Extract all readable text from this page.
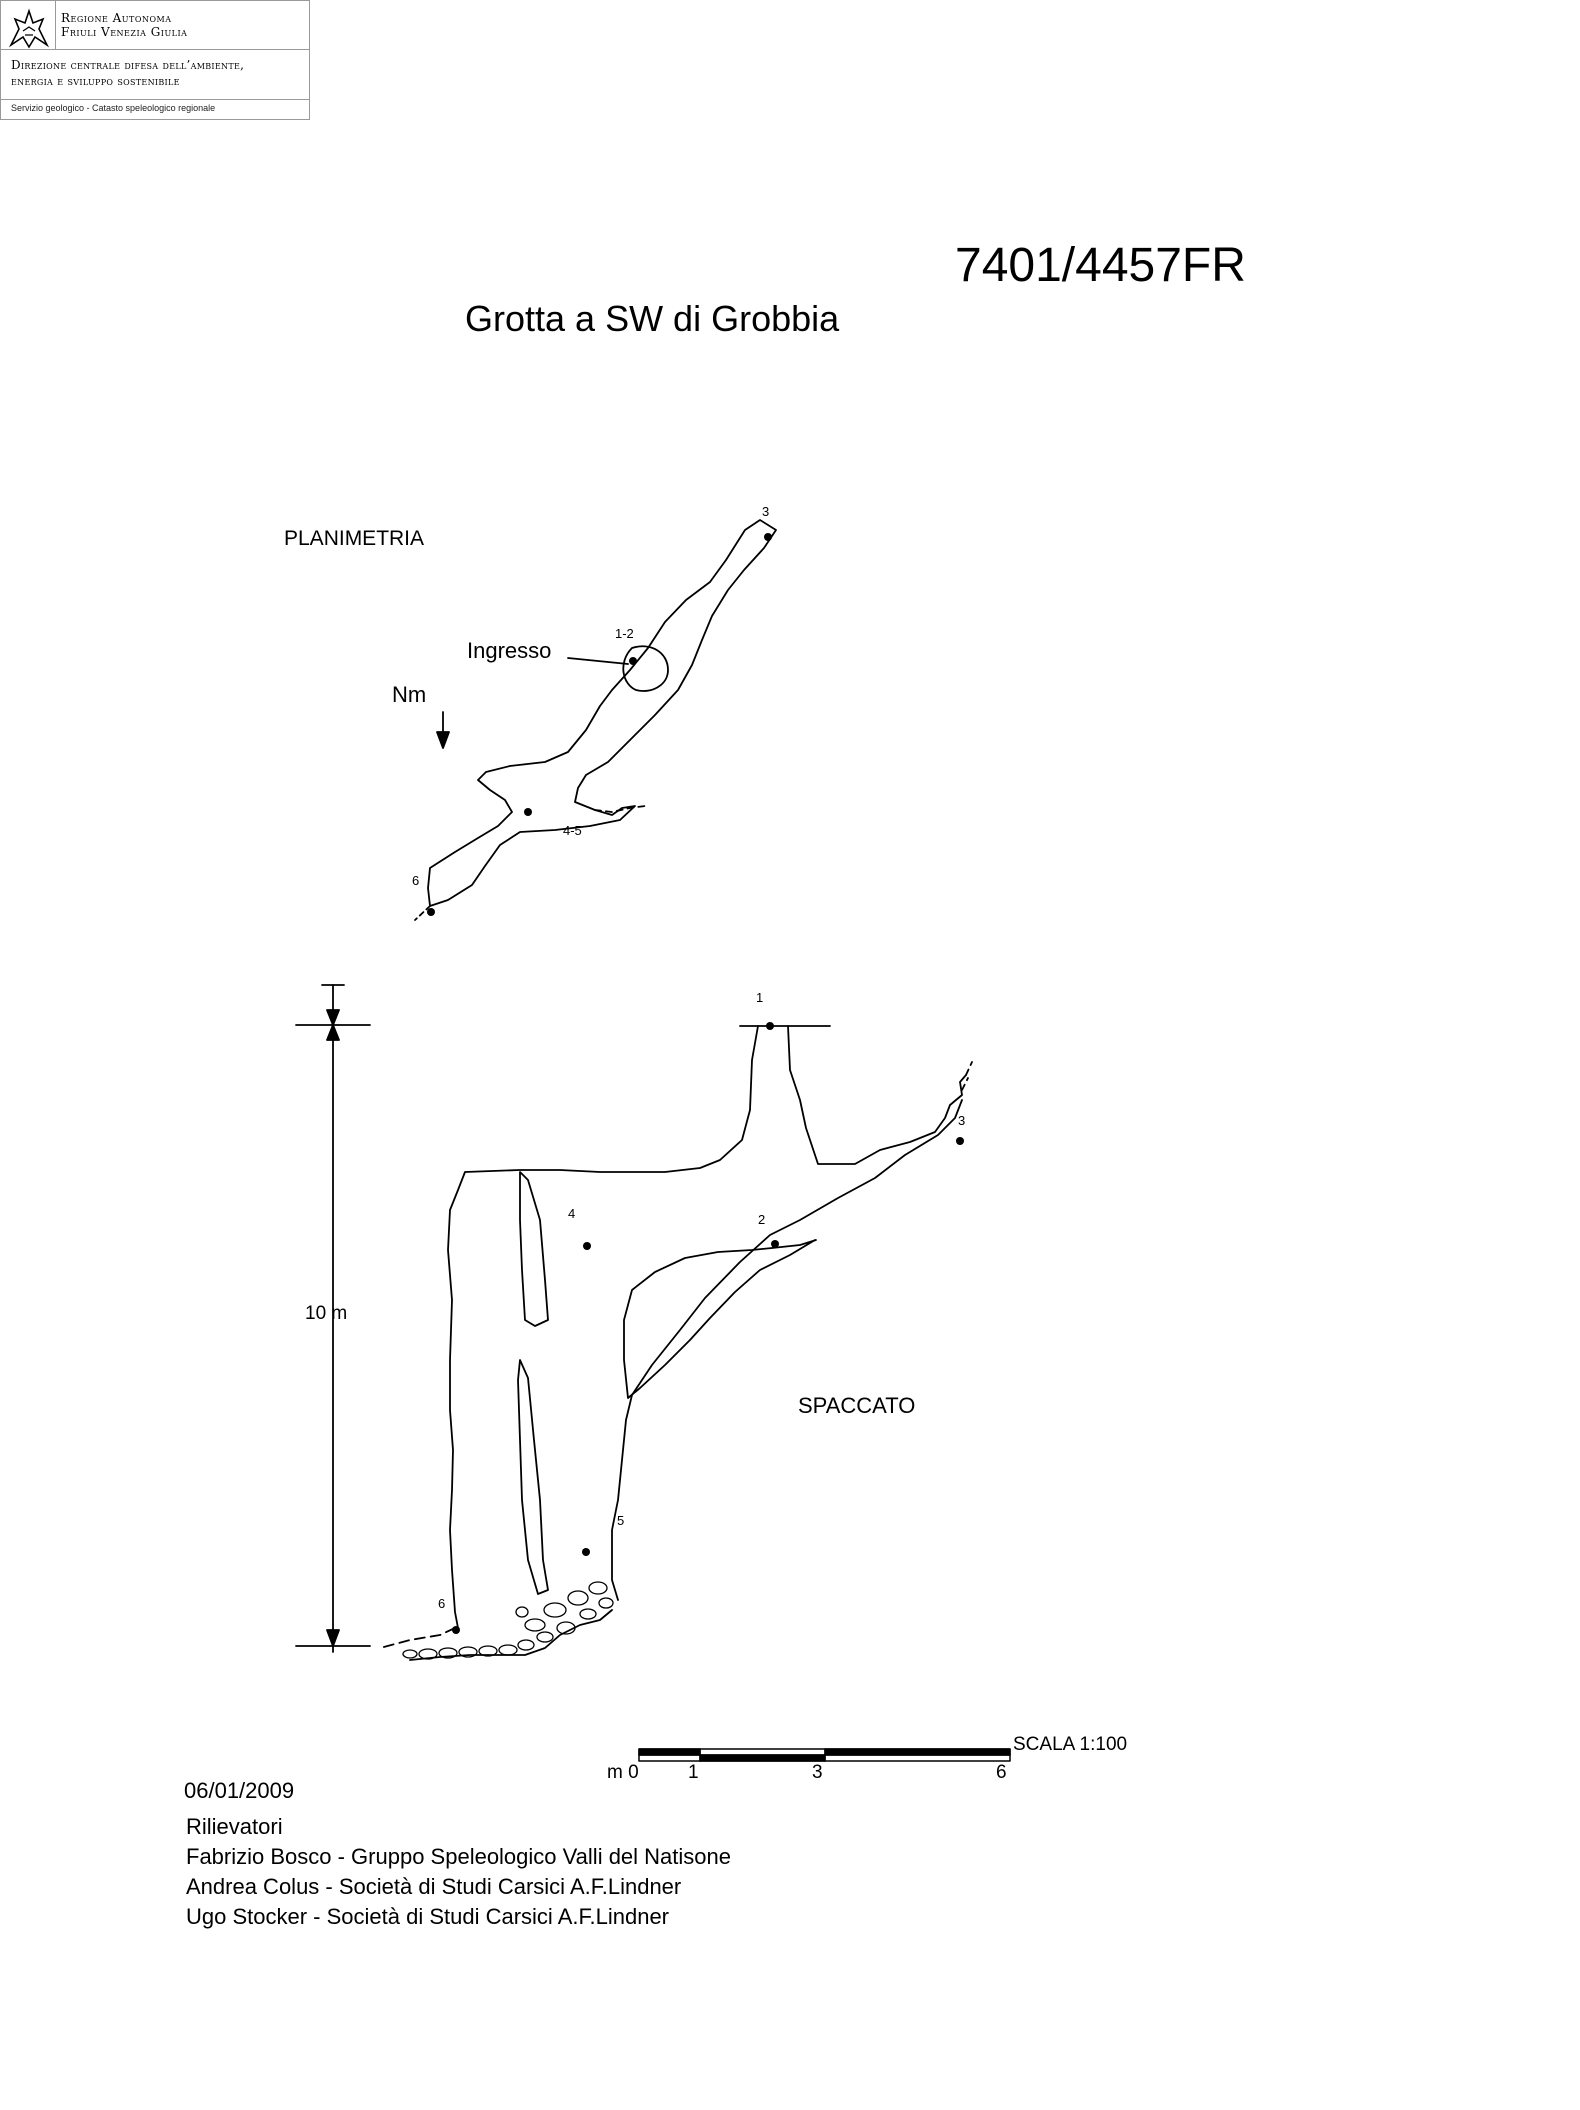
Regione Autonoma
Friuli Venezia Giulia
Direzione centrale difesa dell’ambiente,
energia e sviluppo sostenibile
Servizio geologico - Catasto speleologico regionale
7401/4457FR
Grotta a SW di Grobbia
PLANIMETRIA
Ingresso
Nm
3
1-2
4-5
6
10 m
SPACCATO
1
3
2
4
5
6
SCALA 1:100
m 0	1	3	6
06/01/2009
Rilievatori
Fabrizio Bosco - Gruppo Speleologico Valli del Natisone
Andrea Colus - Società di Studi Carsici A.F.Lindner
Ugo Stocker - Società di Studi Carsici A.F.Lindner
